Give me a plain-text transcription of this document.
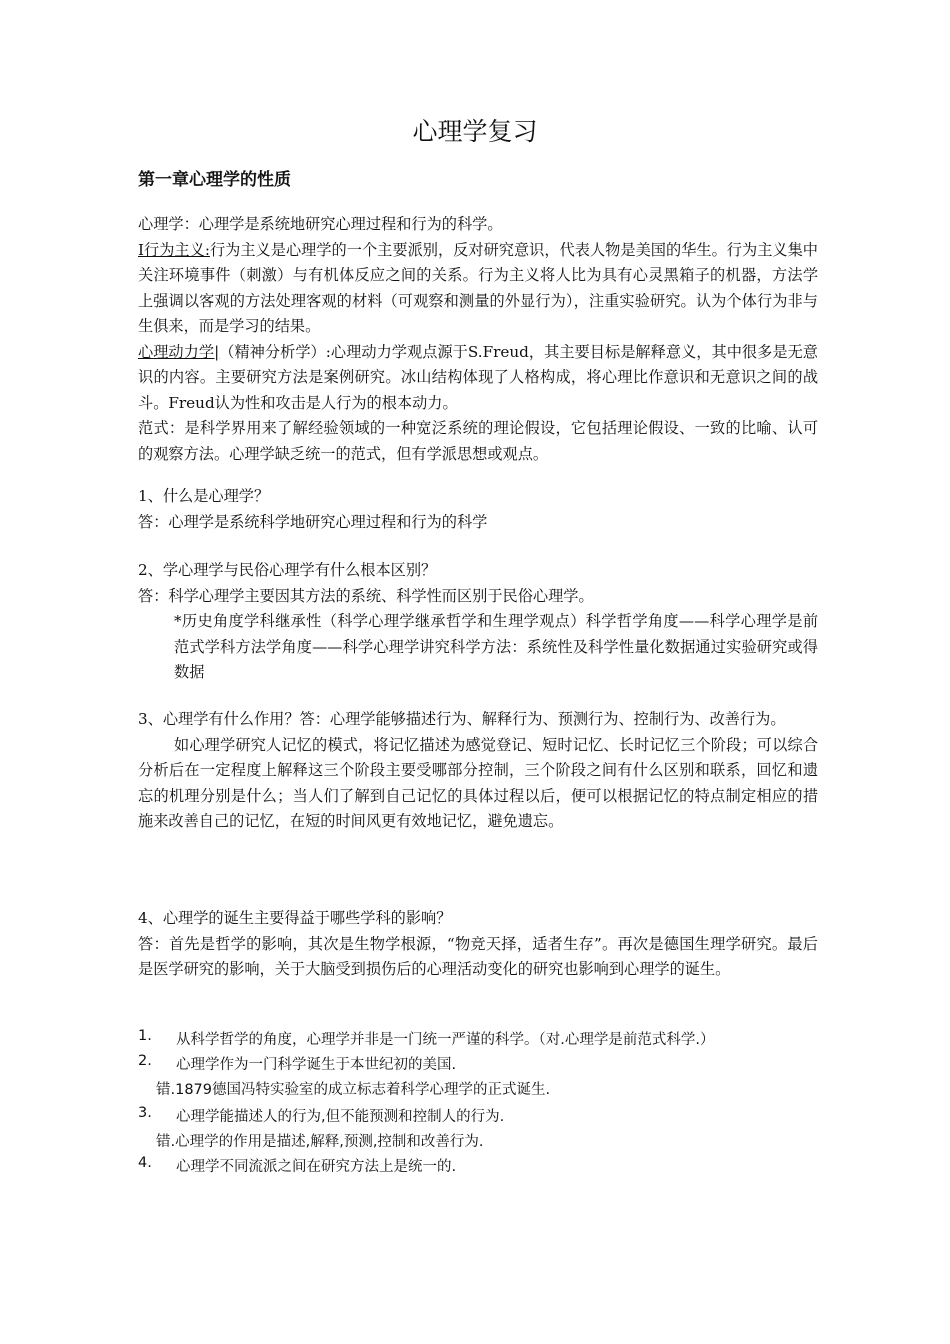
心理学复习
第一章心理学的性质
心理学：心理学是系统地研究心理过程和行为的科学。
I行为主义:行为主义是心理学的一个主要派别，反对研究意识，代表人物是美国的华生。行为主义集中关注环境事件（刺激）与有机体反应之间的关系。行为主义将人比为具有心灵黑箱子的机器，方法学上强调以客观的方法处理客观的材料（可观察和测量的外显行为），注重实验研究。认为个体行为非与生俱来，而是学习的结果。
心理动力学|（精神分析学）:心理动力学观点源于S.Freud，其主要目标是解释意义，其中很多是无意识的内容。主要研究方法是案例研究。冰山结构体现了人格构成，将心理比作意识和无意识之间的战斗。Freud认为性和攻击是人行为的根本动力。
范式：是科学界用来了解经验领域的一种宽泛系统的理论假设，它包括理论假设、一致的比喻、认可的观察方法。心理学缺乏统一的范式，但有学派思想或观点。
1、什么是心理学？
答：心理学是系统科学地研究心理过程和行为的科学
2、学心理学与民俗心理学有什么根本区别？
答：科学心理学主要因其方法的系统、科学性而区别于民俗心理学。
*历史角度学科继承性（科学心理学继承哲学和生理学观点）科学哲学角度——科学心理学是前范式学科方法学角度——科学心理学讲究科学方法：系统性及科学性量化数据通过实验研究或得数据
3、心理学有什么作用？答：心理学能够描述行为、解释行为、预测行为、控制行为、改善行为。
如心理学研究人记忆的模式，将记忆描述为感觉登记、短时记忆、长时记忆三个阶段；可以综合分析后在一定程度上解释这三个阶段主要受哪部分控制，三个阶段之间有什么区别和联系，回忆和遗忘的机理分别是什么；当人们了解到自己记忆的具体过程以后，便可以根据记忆的特点制定相应的措施来改善自己的记忆，在短的时间风更有效地记忆，避免遗忘。
4、心理学的诞生主要得益于哪些学科的影响？
答：首先是哲学的影响，其次是生物学根源，“物竞天择，适者生存”。再次是德国生理学研究。最后是医学研究的影响，关于大脑受到损伤后的心理活动变化的研究也影响到心理学的诞生。
1.	从科学哲学的角度，心理学并非是一门统一严谨的科学。（对.心理学是前范式科学.）
2.	心理学作为一门科学诞生于本世纪初的美国.
错.1879德国冯特实验室的成立标志着科学心理学的正式诞生.
3.	心理学能描述人的行为,但不能预测和控制人的行为.
错.心理学的作用是描述,解释,预测,控制和改善行为.
4.	心理学不同流派之间在研究方法上是统一的.
